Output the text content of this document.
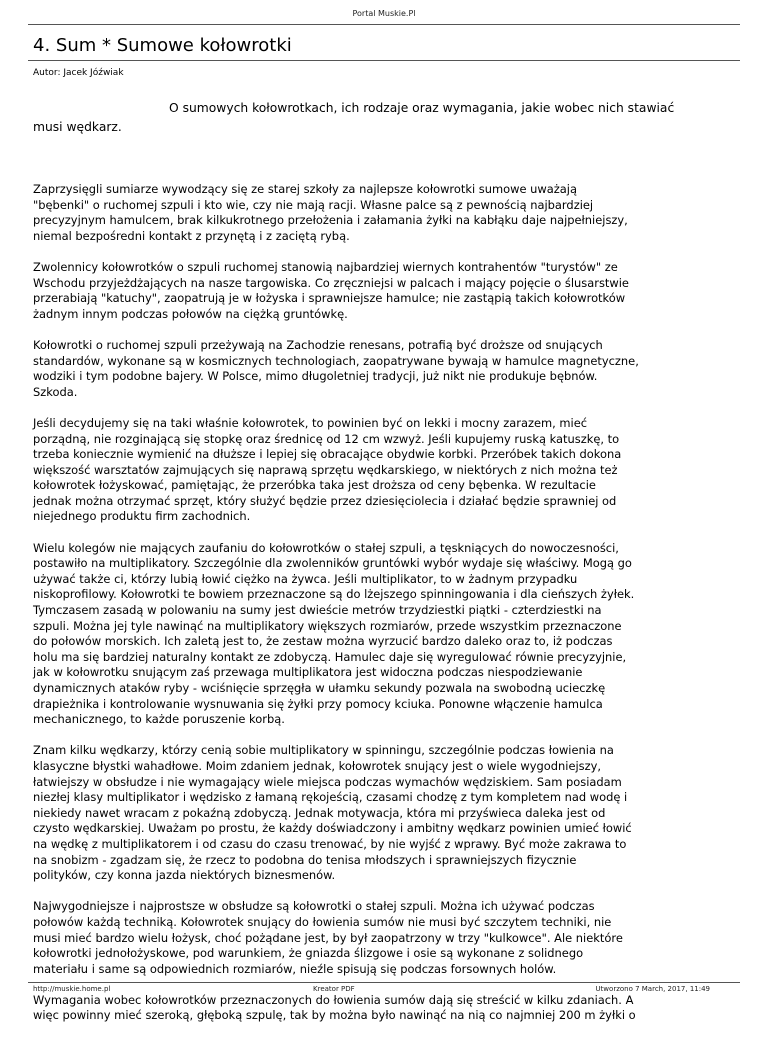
Portal Muskie.Pl
4. Sum * Sumowe kołowrotki
Autor: Jacek Jóźwiak

O sumowych kołowrotkach, ich rodzaje oraz wymagania, jakie wobec nich stawiać
musi wędkarz.

Zaprzysięgli sumiarze wywodzący się ze starej szkoły za najlepsze kołowrotki sumowe uważają
"bębenki" o ruchomej szpuli i kto wie, czy nie mają racji. Własne palce są z pewnością najbardziej
precyzyjnym hamulcem, brak kilkukrotnego przełożenia i załamania żyłki na kabłąku daje najpełniejszy,
niemal bezpośredni kontakt z przynętą i z zaciętą rybą.

Zwolennicy kołowrotków o szpuli ruchomej stanowią najbardziej wiernych kontrahentów "turystów" ze
Wschodu przyjeżdżających na nasze targowiska. Co zręczniejsi w palcach i mający pojęcie o ślusarstwie
przerabiają "katuchy", zaopatrują je w łożyska i sprawniejsze hamulce; nie zastąpią takich kołowrotków
żadnym innym podczas połowów na ciężką gruntówkę.

Kołowrotki o ruchomej szpuli przeżywają na Zachodzie renesans, potrafią być droższe od snujących
standardów, wykonane są w kosmicznych technologiach, zaopatrywane bywają w hamulce magnetyczne,
wodziki i tym podobne bajery. W Polsce, mimo długoletniej tradycji, już nikt nie produkuje bębnów.
Szkoda.

Jeśli decydujemy się na taki właśnie kołowrotek, to powinien być on lekki i mocny zarazem, mieć
porządną, nie rozginającą się stopkę oraz średnicę od 12 cm wzwyż. Jeśli kupujemy ruską katuszkę, to
trzeba koniecznie wymienić na dłuższe i lepiej się obracające obydwie korbki. Przeróbek takich dokona
większość warsztatów zajmujących się naprawą sprzętu wędkarskiego, w niektórych z nich można też
kołowrotek łożyskować, pamiętając, że przeróbka taka jest droższa od ceny bębenka. W rezultacie
jednak można otrzymać sprzęt, który służyć będzie przez dziesięciolecia i działać będzie sprawniej od
niejednego produktu firm zachodnich.

Wielu kolegów nie mających zaufaniu do kołowrotków o stałej szpuli, a tęskniących do nowoczesności,
postawiło na multiplikatory. Szczególnie dla zwolenników gruntówki wybór wydaje się właściwy. Mogą go
używać także ci, którzy lubią łowić ciężko na żywca. Jeśli multiplikator, to w żadnym przypadku
niskoprofilowy. Kołowrotki te bowiem przeznaczone są do lżejszego spinningowania i dla cieńszych żyłek.
Tymczasem zasadą w polowaniu na sumy jest dwieście metrów trzydziestki piątki - czterdziestki na
szpuli. Można jej tyle nawinąć na multiplikatory większych rozmiarów, przede wszystkim przeznaczone
do połowów morskich. Ich zaletą jest to, że zestaw można wyrzucić bardzo daleko oraz to, iż podczas
holu ma się bardziej naturalny kontakt ze zdobyczą. Hamulec daje się wyregulować równie precyzyjnie,
jak w kołowrotku snującym zaś przewaga multiplikatora jest widoczna podczas niespodziewanie
dynamicznych ataków ryby - wciśnięcie sprzęgła w ułamku sekundy pozwala na swobodną ucieczkę
drapieżnika i kontrolowanie wysnuwania się żyłki przy pomocy kciuka. Ponowne włączenie hamulca
mechanicznego, to każde poruszenie korbą.

Znam kilku wędkarzy, którzy cenią sobie multiplikatory w spinningu, szczególnie podczas łowienia na
klasyczne błystki wahadłowe. Moim zdaniem jednak, kołowrotek snujący jest o wiele wygodniejszy,
łatwiejszy w obsłudze i nie wymagający wiele miejsca podczas wymachów wędziskiem. Sam posiadam
niezłej klasy multiplikator i wędzisko z łamaną rękojeścią, czasami chodzę z tym kompletem nad wodę i
niekiedy nawet wracam z pokaźną zdobyczą. Jednak motywacja, która mi przyświeca daleka jest od
czysto wędkarskiej. Uważam po prostu, że każdy doświadczony i ambitny wędkarz powinien umieć łowić
na wędkę z multiplikatorem i od czasu do czasu trenować, by nie wyjść z wprawy. Być może zakrawa to
na snobizm - zgadzam się, że rzecz to podobna do tenisa młodszych i sprawniejszych fizycznie
polityków, czy konna jazda niektórych biznesmenów.

Najwygodniejsze i najprostsze w obsłudze są kołowrotki o stałej szpuli. Można ich używać podczas
połowów każdą techniką. Kołowrotek snujący do łowienia sumów nie musi być szczytem techniki, nie
musi mieć bardzo wielu łożysk, choć pożądane jest, by był zaopatrzony w trzy "kulkowce". Ale niektóre
kołowrotki jednołożyskowe, pod warunkiem, że gniazda ślizgowe i osie są wykonane z solidnego
materiału i same są odpowiednich rozmiarów, nieźle spisują się podczas forsownych holów.

Wymagania wobec kołowrotków przeznaczonych do łowienia sumów dają się streścić w kilku zdaniach. A
więc powinny mieć szeroką, głęboką szpulę, tak by można było nawinąć na nią co najmniej 200 m żyłki o

http://muskie.home.pl	Kreator PDF	Utworzono 7 March, 2017, 11:49
